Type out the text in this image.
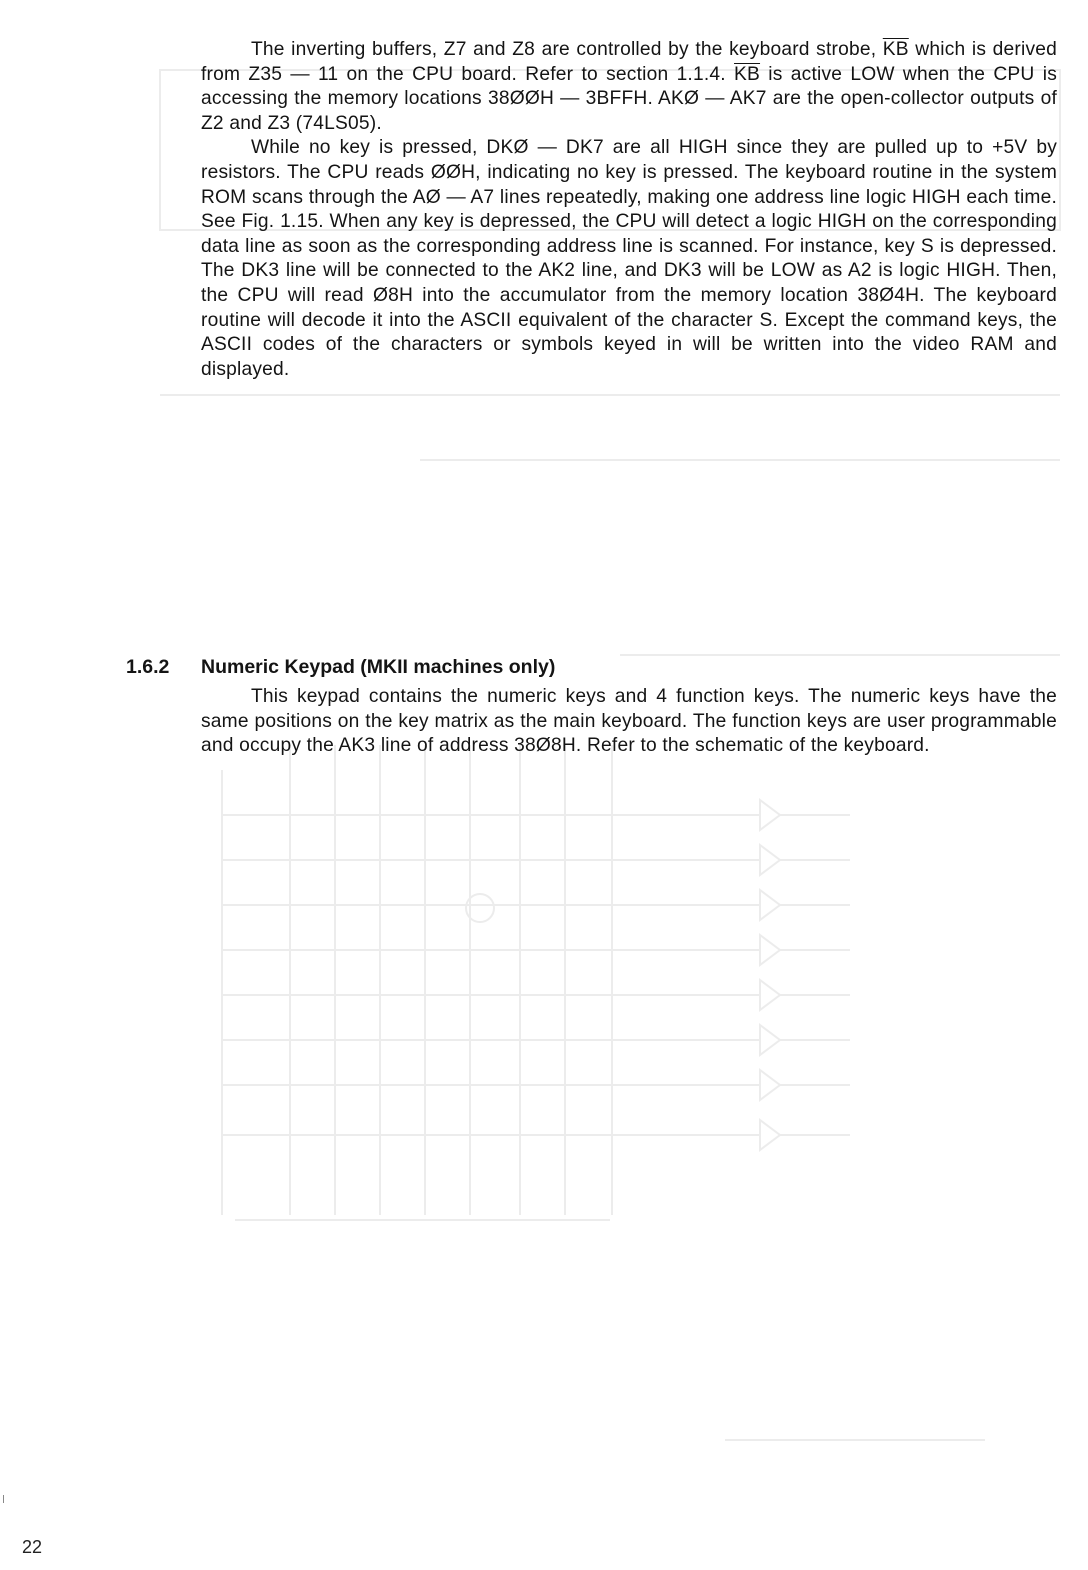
The inverting buffers, Z7 and Z8 are controlled by the keyboard strobe, $\overline{KB}$ which is derived from Z35 — 11 on the CPU board. Refer to section 1.1.4. $\overline{KB}$ is active LOW when the CPU is accessing the memory locations 38ØØH — 3BFFH. AKØ — AK7 are the open-collector outputs of Z2 and Z3 (74LS05).

While no key is pressed, DKØ — DK7 are all HIGH since they are pulled up to +5V by resistors. The CPU reads ØØH, indicating no key is pressed. The keyboard routine in the system ROM scans through the AØ — A7 lines repeatedly, making one address line logic HIGH each time. See Fig. 1.15. When any key is depressed, the CPU will detect a logic HIGH on the corresponding data line as soon as the corresponding address line is scanned. For instance, key S is depressed. The DK3 line will be connected to the AK2 line, and DK3 will be LOW as A2 is logic HIGH. Then, the CPU will read Ø8H into the accumulator from the memory location 38Ø4H. The keyboard routine will decode it into the ASCII equivalent of the character S. Except the command keys, the ASCII codes of the characters or symbols keyed in will be written into the video RAM and displayed.

1.6.2 Numeric Keypad (MKII machines only)

This keypad contains the numeric keys and 4 function keys. The numeric keys have the same positions on the key matrix as the main keyboard. The function keys are user programmable and occupy the AK3 line of address 38Ø8H. Refer to the schematic of the keyboard.

22
